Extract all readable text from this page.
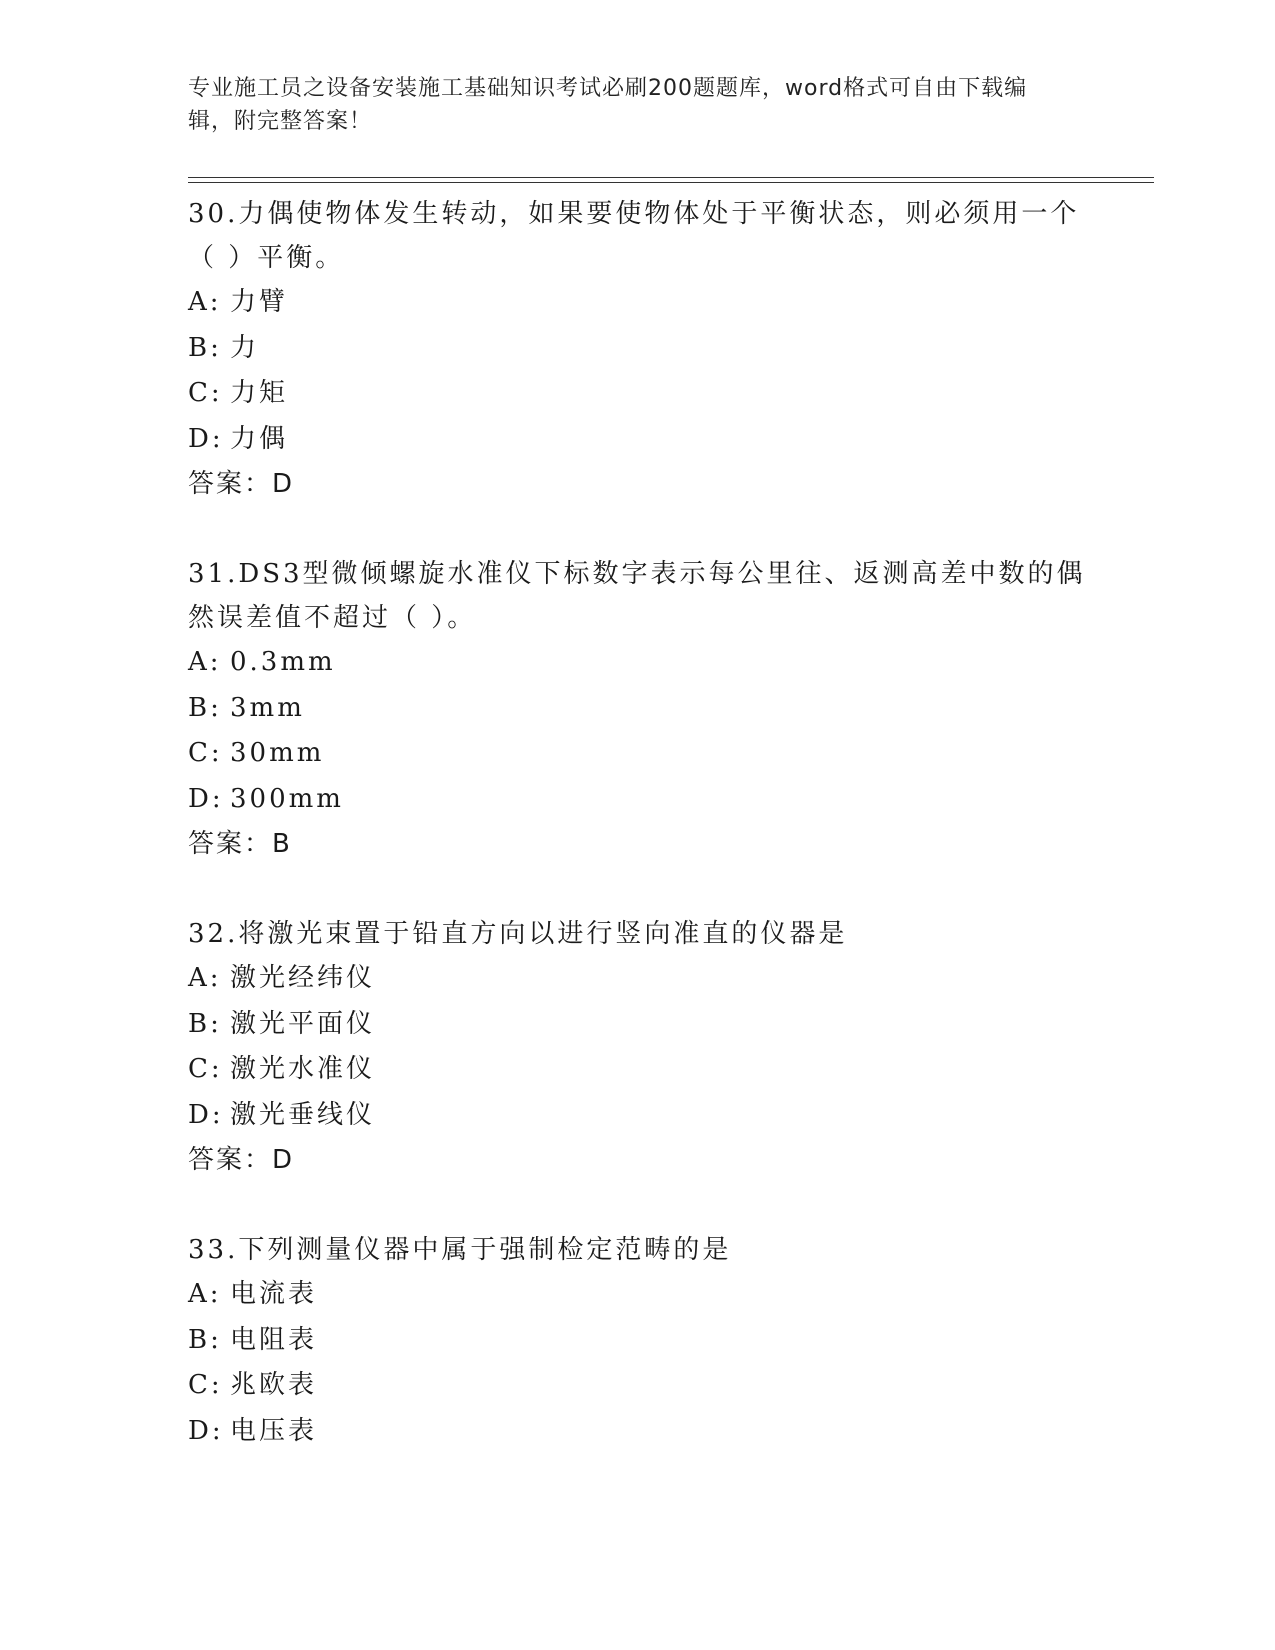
专业施工员之设备安装施工基础知识考试必刷200题题库，word格式可自由下载编辑，附完整答案！

30.力偶使物体发生转动，如果要使物体处于平衡状态，则必须用一个（ ）平衡。

A: 力臂

B: 力

C: 力矩

D: 力偶

答案：D

31.DS3型微倾螺旋水准仪下标数字表示每公里往、返测高差中数的偶然误差值不超过（ ）。

A: 0.3mm

B: 3mm

C: 30mm

D: 300mm

答案：B

32.将激光束置于铅直方向以进行竖向准直的仪器是

A: 激光经纬仪

B: 激光平面仪

C: 激光水准仪

D: 激光垂线仪

答案：D

33.下列测量仪器中属于强制检定范畴的是

A: 电流表

B: 电阻表

C: 兆欧表

D: 电压表
